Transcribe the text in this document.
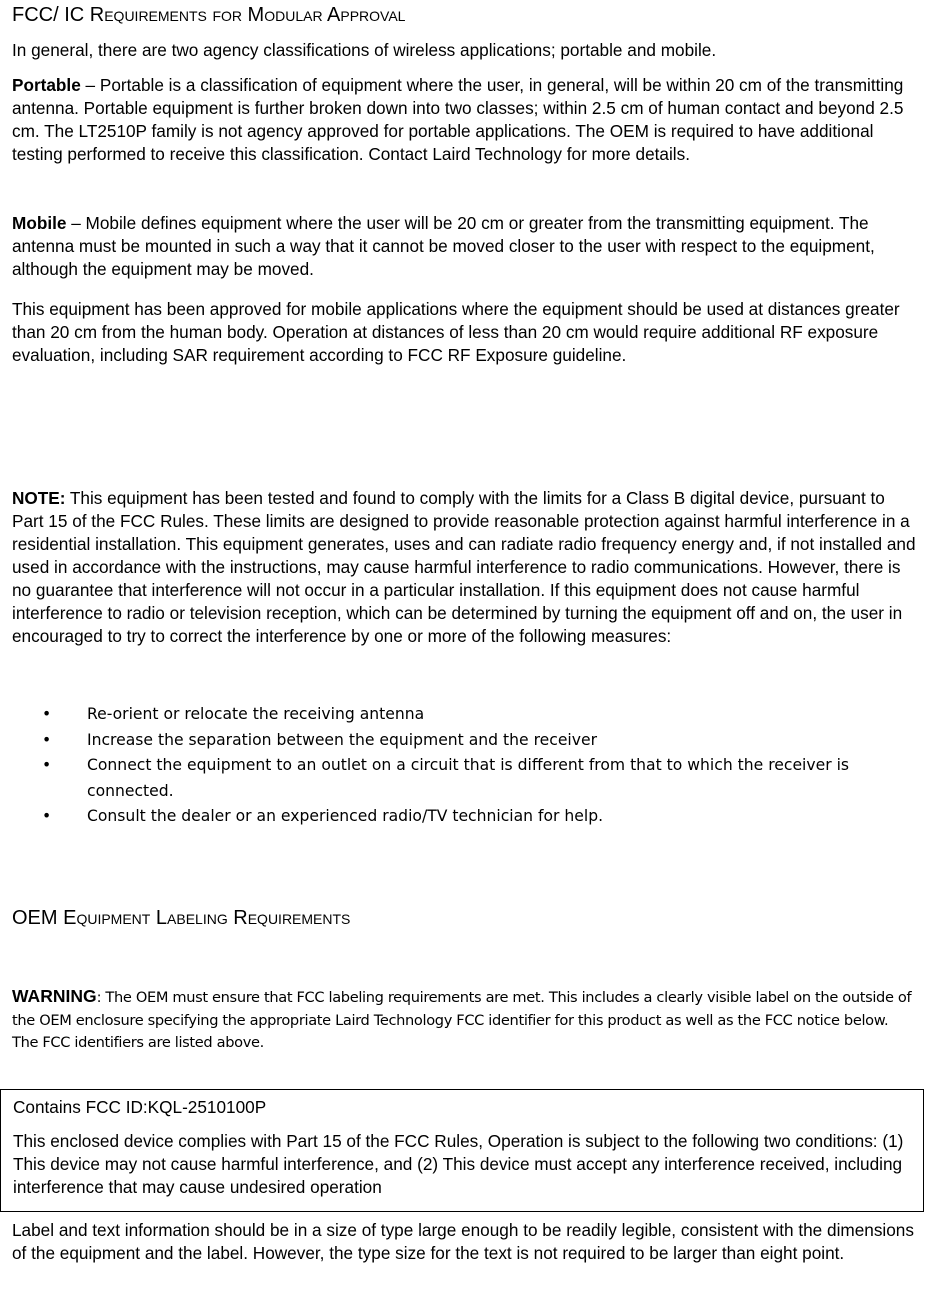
FCC/ IC Requirements for Modular Approval

In general, there are two agency classifications of wireless applications; portable and mobile.

Portable – Portable is a classification of equipment where the user, in general, will be within 20 cm of the transmitting antenna. Portable equipment is further broken down into two classes; within 2.5 cm of human contact and beyond 2.5 cm. The LT2510P family is not agency approved for portable applications. The OEM is required to have additional testing performed to receive this classification. Contact Laird Technology for more details.

Mobile – Mobile defines equipment where the user will be 20 cm or greater from the transmitting equipment. The antenna must be mounted in such a way that it cannot be moved closer to the user with respect to the equipment, although the equipment may be moved.

This equipment has been approved for mobile applications where the equipment should be used at distances greater than 20 cm from the human body. Operation at distances of less than 20 cm would require additional RF exposure evaluation, including SAR requirement according to FCC RF Exposure guideline.

NOTE: This equipment has been tested and found to comply with the limits for a Class B digital device, pursuant to Part 15 of the FCC Rules. These limits are designed to provide reasonable protection against harmful interference in a residential installation. This equipment generates, uses and can radiate radio frequency energy and, if not installed and used in accordance with the instructions, may cause harmful interference to radio communications. However, there is no guarantee that interference will not occur in a particular installation. If this equipment does not cause harmful interference to radio or television reception, which can be determined by turning the equipment off and on, the user in encouraged to try to correct the interference by one or more of the following measures:

• Re-orient or relocate the receiving antenna
• Increase the separation between the equipment and the receiver
• Connect the equipment to an outlet on a circuit that is different from that to which the receiver is connected.
• Consult the dealer or an experienced radio/TV technician for help.
OEM Equipment Labeling Requirements

WARNING: The OEM must ensure that FCC labeling requirements are met. This includes a clearly visible label on the outside of the OEM enclosure specifying the appropriate Laird Technology FCC identifier for this product as well as the FCC notice below. The FCC identifiers are listed above.

Contains FCC ID:KQL-2510100P

This enclosed device complies with Part 15 of the FCC Rules, Operation is subject to the following two conditions: (1) This device may not cause harmful interference, and (2) This device must accept any interference received, including interference that may cause undesired operation

Label and text information should be in a size of type large enough to be readily legible, consistent with the dimensions of the equipment and the label. However, the type size for the text is not required to be larger than eight point.
